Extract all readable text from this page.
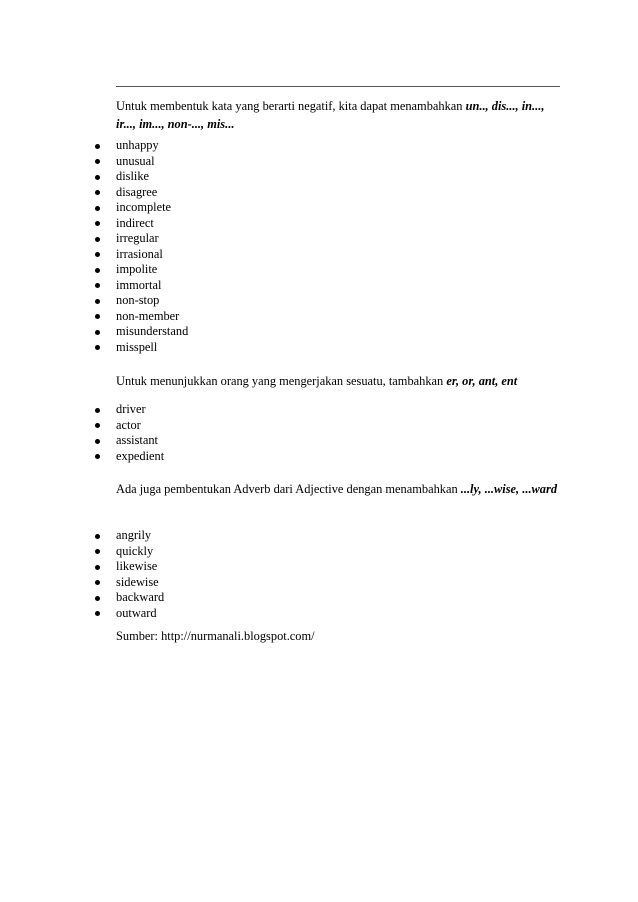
Untuk membentuk kata yang berarti negatif, kita dapat menambahkan un.., dis..., in..., ir..., im..., non-..., mis...

unhappy
unusual
dislike
disagree
incomplete
indirect
irregular
irrasional
impolite
immortal
non-stop
non-member
misunderstand
misspell

Untuk menunjukkan orang yang mengerjakan sesuatu, tambahkan er, or, ant, ent

driver
actor
assistant
expedient

Ada juga pembentukan Adverb dari Adjective dengan menambahkan ...ly, ...wise, ...ward

angrily
quickly
likewise
sidewise
backward
outward

Sumber: http://nurmanali.blogspot.com/
